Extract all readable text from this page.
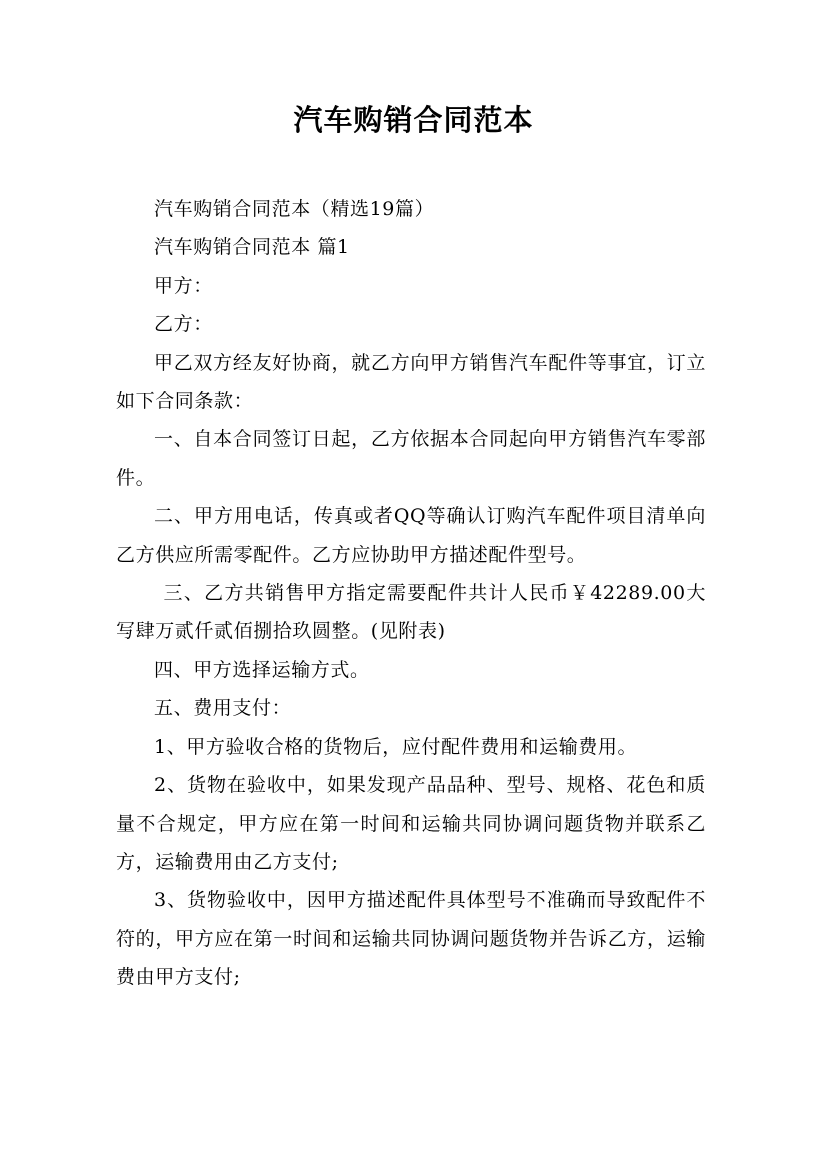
汽车购销合同范本

汽车购销合同范本（精选19篇）

汽车购销合同范本 篇1

甲方：

乙方：

甲乙双方经友好协商，就乙方向甲方销售汽车配件等事宜，订立如下合同条款：

一、自本合同签订日起，乙方依据本合同起向甲方销售汽车零部件。

二、甲方用电话，传真或者QQ等确认订购汽车配件项目清单向乙方供应所需零配件。乙方应协助甲方描述配件型号。

三、乙方共销售甲方指定需要配件共计人民币￥42289.00大写肆万贰仟贰佰捌拾玖圆整。(见附表)

四、甲方选择运输方式。

五、费用支付：

1、甲方验收合格的货物后，应付配件费用和运输费用。

2、货物在验收中，如果发现产品品种、型号、规格、花色和质量不合规定，甲方应在第一时间和运输共同协调问题货物并联系乙方，运输费用由乙方支付;

3、货物验收中，因甲方描述配件具体型号不准确而导致配件不符的，甲方应在第一时间和运输共同协调问题货物并告诉乙方，运输费由甲方支付;
